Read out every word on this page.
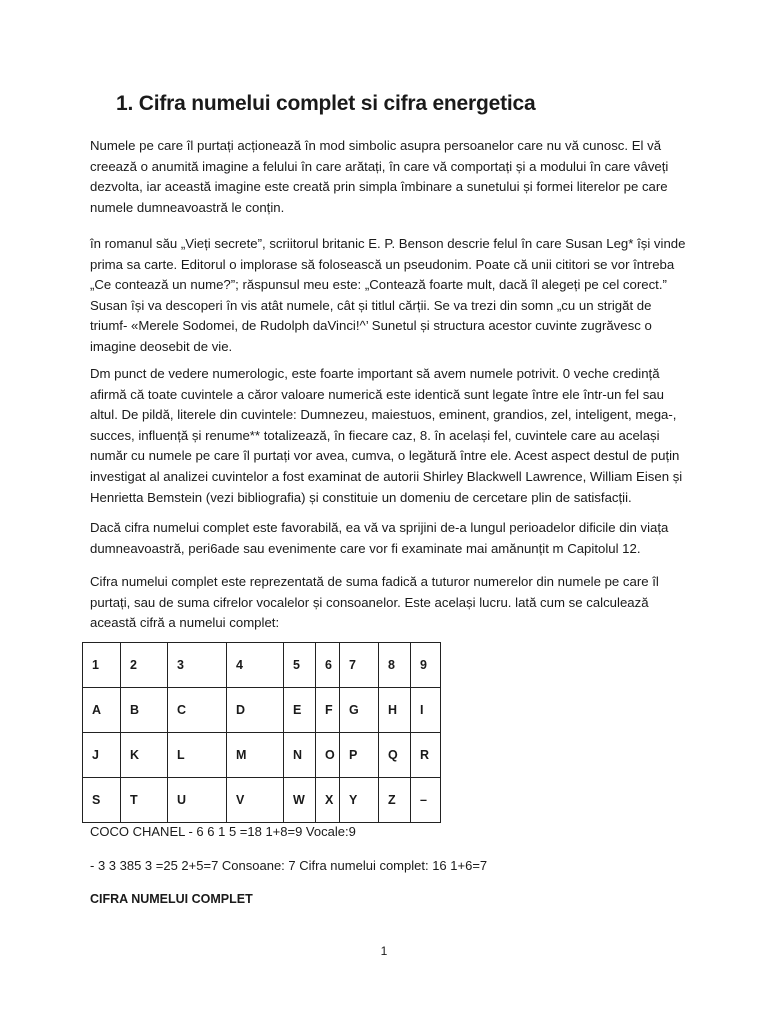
1. Cifra numelui complet si cifra energetica

Numele pe care îl purtați acționează în mod simbolic asupra persoanelor care nu vă cunosc. El vă creează o anumită imagine a felului în care arătați, în care vă comportați și a modului în care vâveți dezvolta, iar această imagine este creată prin simpla îmbinare a sunetului și formei literelor pe care numele dumneavoastră le conțin.

în romanul său „Vieți secrete”, scriitorul britanic E. P. Benson descrie felul în care Susan Leg* își vinde prima sa carte. Editorul o implorase să folosească un pseudonim. Poate că unii cititori se vor întreba „Ce contează un nume?”; răspunsul meu este: „Contează foarte mult, dacă îl alegeți pe cel corect.” Susan își va descoperi în vis atât numele, cât și titlul cărții. Se va trezi din somn „cu un strigăt de triumf- «Merele Sodomei, de Rudolph daVinci!^’ Sunetul și structura acestor cuvinte zugrăvesc o imagine deosebit de vie.

Dm punct de vedere numerologic, este foarte important să avem numele potrivit. 0 veche credință afirmă că toate cuvintele a căror valoare numerică este identică sunt legate între ele într-un fel sau altul. De pildă, literele din cuvintele: Dumnezeu, maiestuos, eminent, grandios, zel, inteligent, mega-, succes, influență și renume** totalizează, în fiecare caz, 8. în același fel, cuvintele care au același număr cu numele pe care îl purtați vor avea, cumva, o legătură între ele. Acest aspect destul de puțin investigat al analizei cuvintelor a fost examinat de autorii Shirley Blackwell Lawrence, William Eisen și Henrietta Bemstein (vezi bibliografia) și constituie un domeniu de cercetare plin de satisfacții.

Dacă cifra numelui complet este favorabilă, ea vă va sprijini de-a lungul perioadelor dificile din viața dumneavoastră, peri6ade sau evenimente care vor fi examinate mai amănunțit m Capitolul 12.

Cifra numelui complet este reprezentată de suma fadică a tuturor numerelor din numele pe care îl purtați, sau de suma cifrelor vocalelor și consoanelor. Este același lucru. lată cum se calculează această cifră a numelui complet:

1	2	3	4	5	6	7	8	9
A	B	C	D	E	F	G	H	I
J	K	L	M	N	O	P	Q	R
S	T	U	V	W	X	Y	Z	–

COCO CHANEL - 6 6 1 5 =18 1+8=9 Vocale:9

- 3 3 385 3 =25 2+5=7 Consoane: 7 Cifra numelui complet: 16 1+6=7

CIFRA NUMELUI COMPLET

1
